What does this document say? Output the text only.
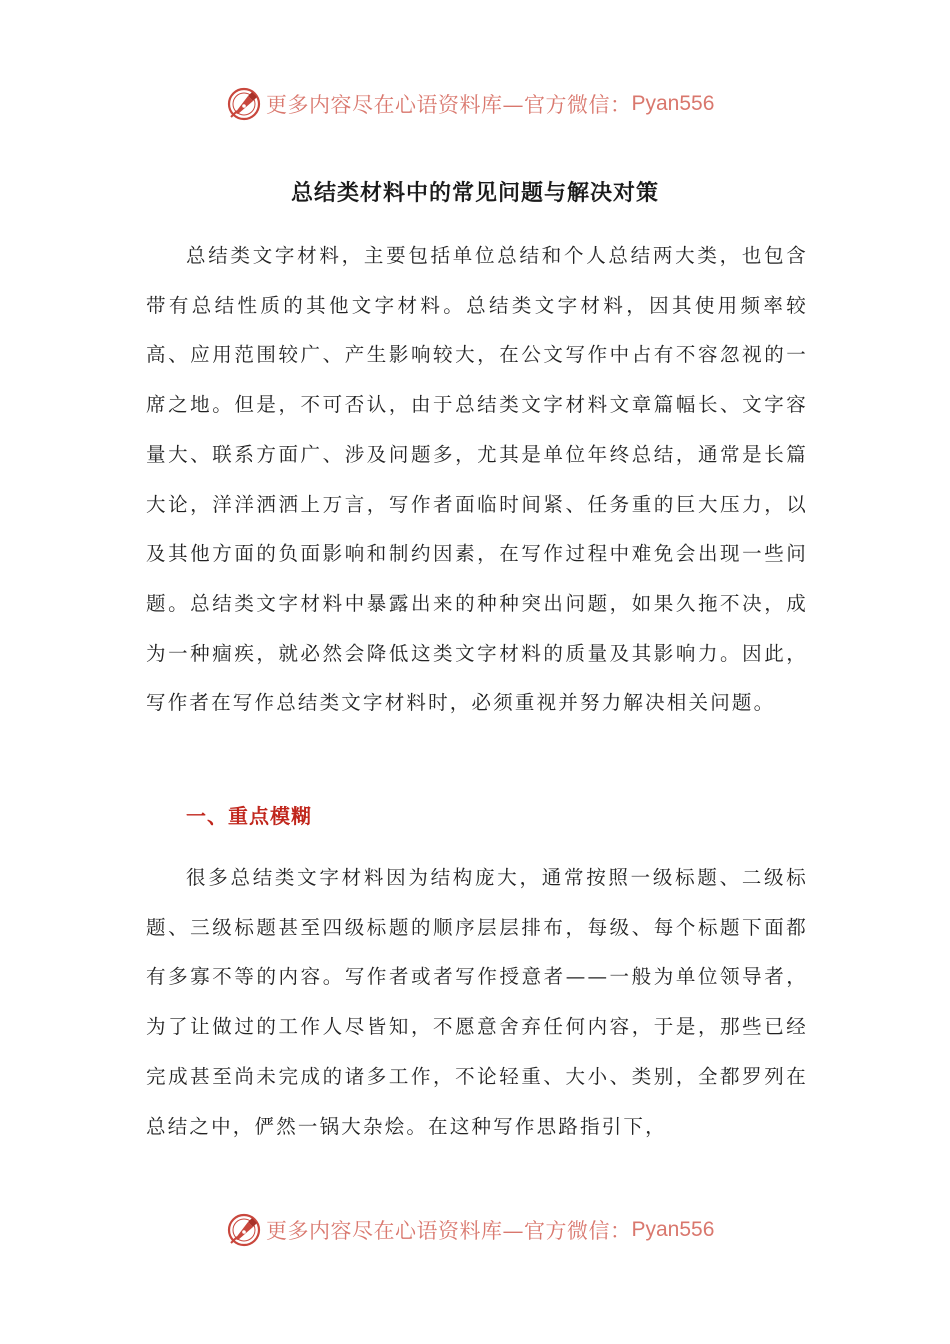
更多内容尽在心语资料库—官方微信： Pyan556
总结类材料中的常见问题与解决对策

总结类文字材料，主要包括单位总结和个人总结两大类，也包含带有总结性质的其他文字材料。总结类文字材料，因其使用频率较高、应用范围较广、产生影响较大，在公文写作中占有不容忽视的一席之地。但是，不可否认，由于总结类文字材料文章篇幅长、文字容量大、联系方面广、涉及问题多，尤其是单位年终总结，通常是长篇大论，洋洋洒洒上万言，写作者面临时间紧、任务重的巨大压力，以及其他方面的负面影响和制约因素，在写作过程中难免会出现一些问题。总结类文字材料中暴露出来的种种突出问题，如果久拖不决，成为一种痼疾，就必然会降低这类文字材料的质量及其影响力。因此，写作者在写作总结类文字材料时，必须重视并努力解决相关问题。

一、重点模糊

很多总结类文字材料因为结构庞大，通常按照一级标题、二级标题、三级标题甚至四级标题的顺序层层排布，每级、每个标题下面都有多寡不等的内容。写作者或者写作授意者——一般为单位领导者，为了让做过的工作人尽皆知，不愿意舍弃任何内容，于是，那些已经完成甚至尚未完成的诸多工作，不论轻重、大小、类别，全都罗列在总结之中，俨然一锅大杂烩。在这种写作思路指引下，

更多内容尽在心语资料库—官方微信： Pyan556
